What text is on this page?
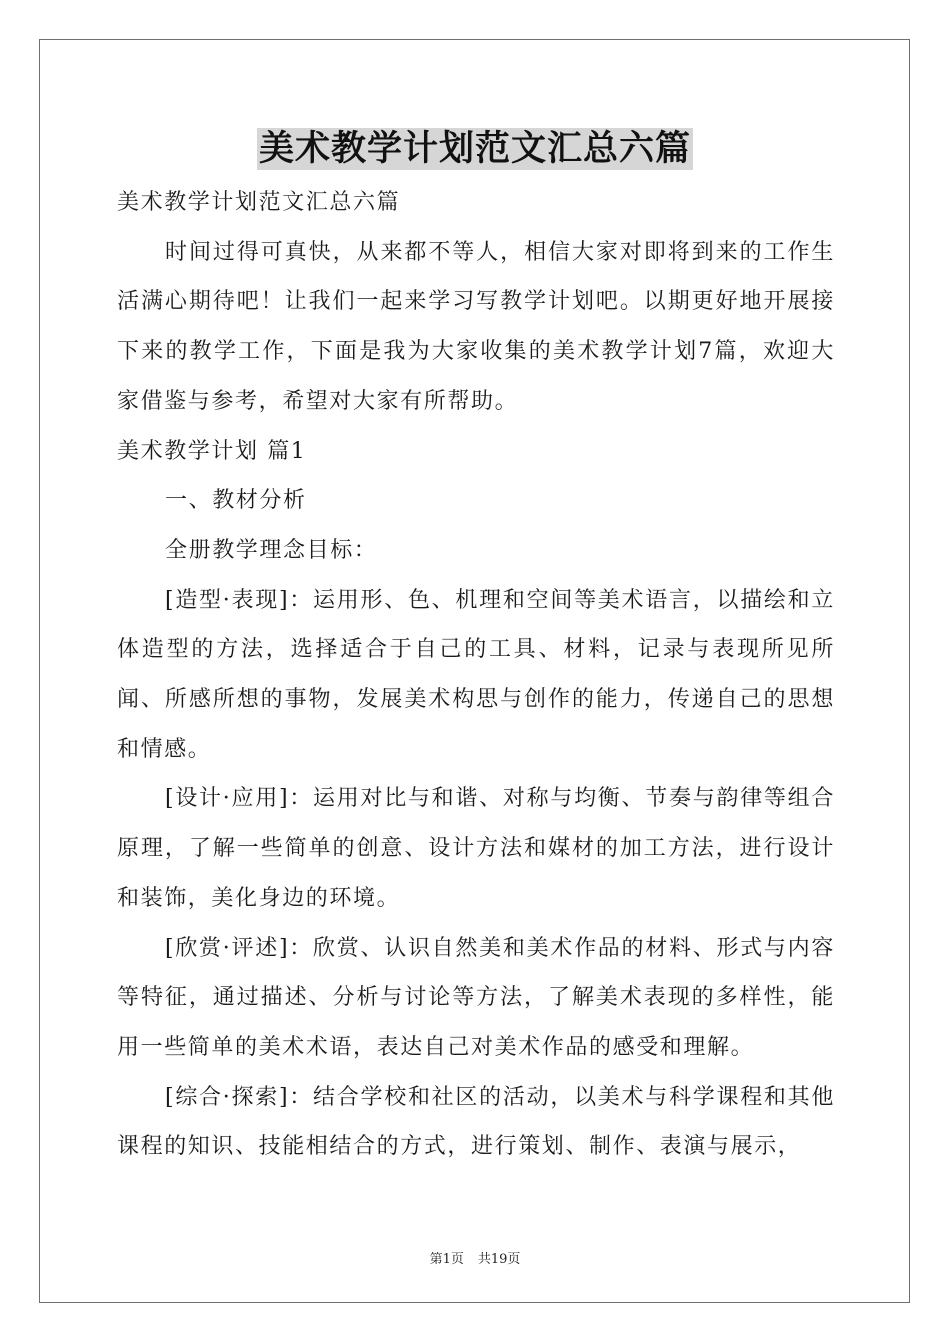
美术教学计划范文汇总六篇

美术教学计划范文汇总六篇

时间过得可真快，从来都不等人，相信大家对即将到来的工作生活满心期待吧！让我们一起来学习写教学计划吧。以期更好地开展接下来的教学工作，下面是我为大家收集的美术教学计划7篇，欢迎大家借鉴与参考，希望对大家有所帮助。

美术教学计划 篇1

一、教材分析

全册教学理念目标：

[造型·表现]：运用形、色、机理和空间等美术语言，以描绘和立体造型的方法，选择适合于自己的工具、材料，记录与表现所见所闻、所感所想的事物，发展美术构思与创作的能力，传递自己的思想和情感。

[设计·应用]：运用对比与和谐、对称与均衡、节奏与韵律等组合原理，了解一些简单的创意、设计方法和媒材的加工方法，进行设计和装饰，美化身边的环境。

[欣赏·评述]：欣赏、认识自然美和美术作品的材料、形式与内容等特征，通过描述、分析与讨论等方法，了解美术表现的多样性，能用一些简单的美术术语，表达自己对美术作品的感受和理解。

[综合·探索]：结合学校和社区的活动，以美术与科学课程和其他课程的知识、技能相结合的方式，进行策划、制作、表演与展示，

第1页 共19页
